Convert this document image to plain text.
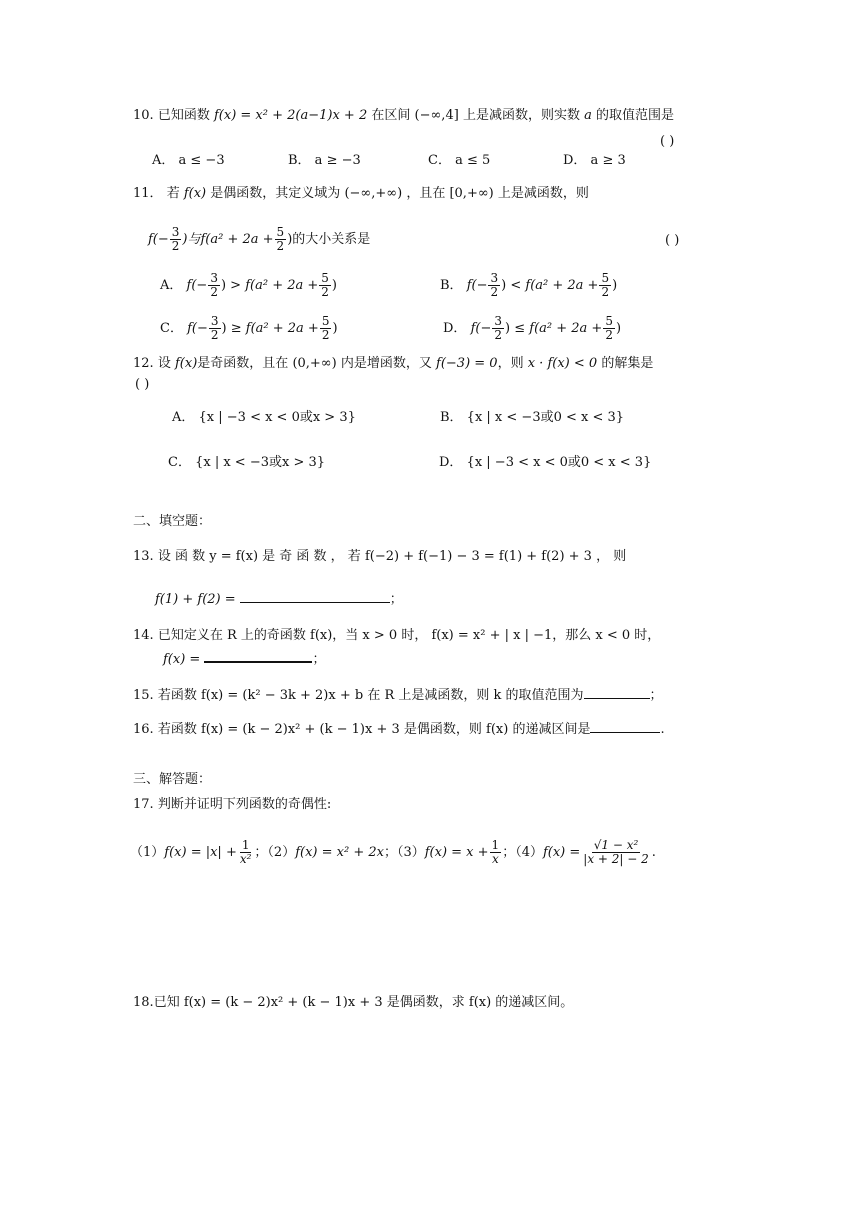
10. 已知函数 f(x) = x² + 2(a−1)x + 2 在区间 (−∞,4] 上是减函数，则实数 a 的取值范围是
( )
A． a ≤ −3	B． a ≥ −3	C． a ≤ 5	D． a ≥ 3
11． 若 f(x) 是偶函数，其定义域为 (−∞,+∞) ，且在 [0,+∞) 上是减函数，则
$f(- \frac{3}{2}$ )与$f(a^2 + 2a + \frac{5}{2}$ )的大小关系是	( )
A． $f(- \frac{3}{2}$ ) > $f(a^2 + 2a + \frac{5}{2}$ )	B． $f(- \frac{3}{2}$ ) < $f(a^2 + 2a + \frac{5}{2}$ )
C． $f(- \frac{3}{2}$ ) ≥ $f(a^2 + 2a + \frac{5}{2}$ )	D． $f(- \frac{3}{2}$ ) ≤ $f(a^2 + 2a + \frac{5}{2}$ )
12. 设 f(x)是奇函数，且在 (0,+∞) 内是增函数，又 f(−3) = 0，则 x · f(x) < 0 的解集是
( )
A． {x | −3 < x < 0或x > 3}	B． {x | x < −3或0 < x < 3}
C． {x | x < −3或x > 3}	D． {x | −3 < x < 0或0 < x < 3}
二、填空题：
13. 设 函 数 y = f(x) 是 奇 函 数 ， 若 f(−2) + f(−1) − 3 = f(1) + f(2) + 3 ， 则
f(1) + f(2) =	；
14. 已知定义在 R 上的奇函数 f(x)，当 x > 0 时， f(x) = x² + | x | −1，那么 x < 0 时，
f(x) =	；
15. 若函数 f(x) = (k² − 3k + 2)x + b 在 R 上是减函数，则 k 的取值范围为	；
16. 若函数 f(x) = (k − 2)x² + (k − 1)x + 3 是偶函数，则 f(x) 的递减区间是	.
三、解答题：
17. 判断并证明下列函数的奇偶性:
$(1)f(x) = |x| + \frac{1}{\text{x²}}$ ；（2）f(x) = x² + 2x；$(3)f(x) = x + \frac{1}{x}$ ；$(4)f(x) = \frac{\text{√1 − x²}}{|x + 2| - 2}$ .
18.已知 f(x) = (k − 2)x² + (k − 1)x + 3 是偶函数，求 f(x) 的递减区间。
